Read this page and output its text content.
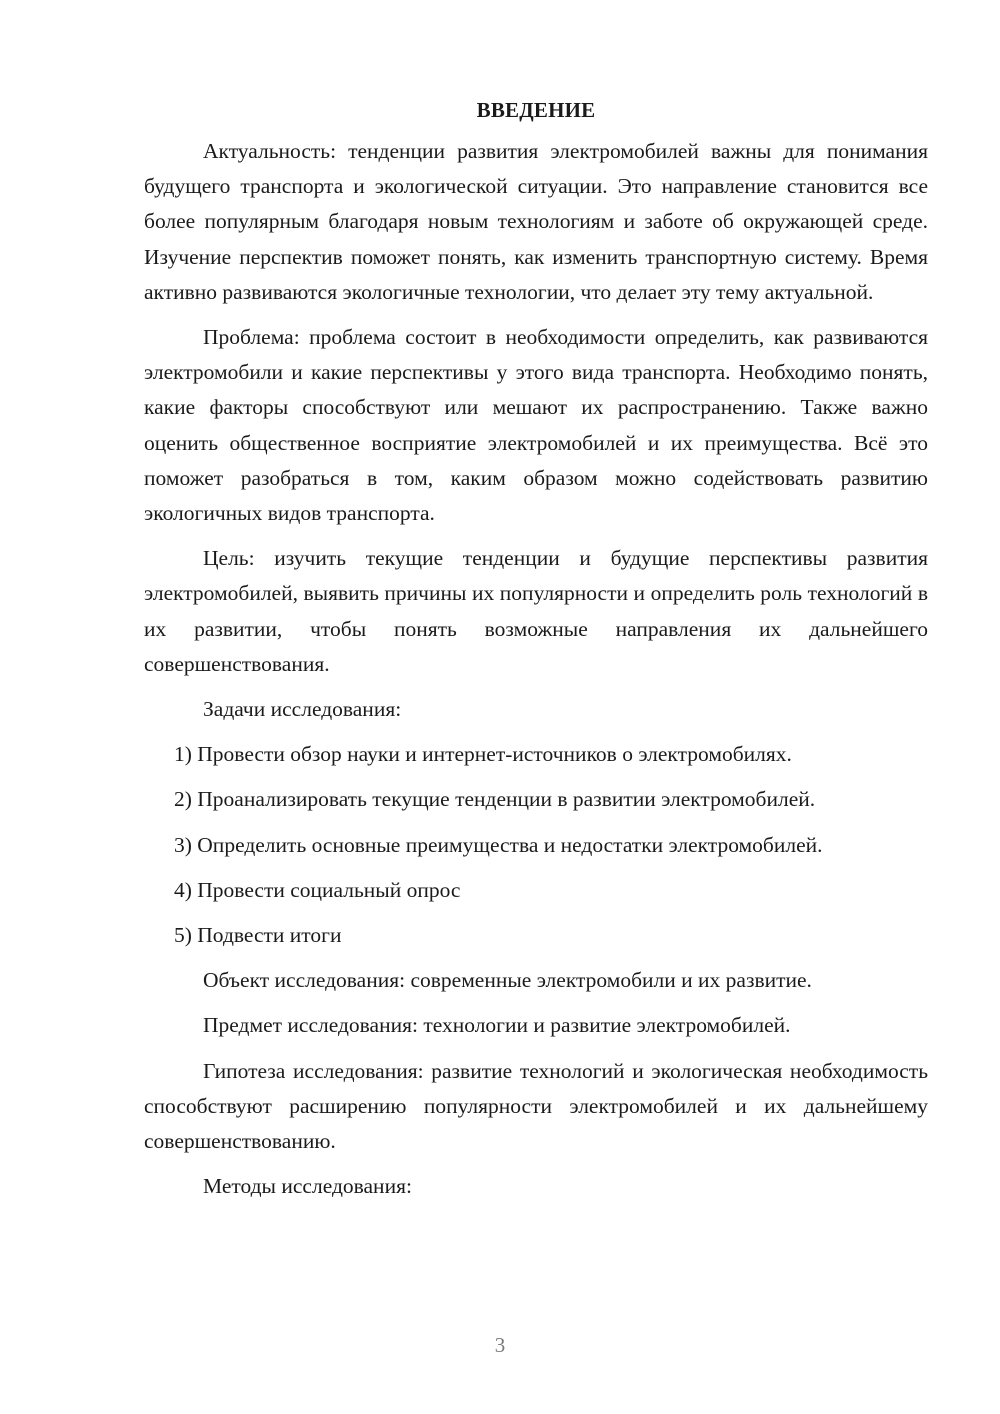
ВВЕДЕНИЕ

Актуальность: тенденции развития электромобилей важны для понимания будущего транспорта и экологической ситуации. Это направление становится все более популярным благодаря новым технологиям и заботе об окружающей среде. Изучение перспектив поможет понять, как изменить транспортную систему. Время активно развиваются экологичные технологии, что делает эту тему актуальной.

Проблема: проблема состоит в необходимости определить, как развиваются электромобили и какие перспективы у этого вида транспорта. Необходимо понять, какие факторы способствуют или мешают их распространению. Также важно оценить общественное восприятие электромобилей и их преимущества. Всё это поможет разобраться в том, каким образом можно содействовать развитию экологичных видов транспорта.

Цель: изучить текущие тенденции и будущие перспективы развития электромобилей, выявить причины их популярности и определить роль технологий в их развитии, чтобы понять возможные направления их дальнейшего совершенствования.

Задачи исследования:
1) Провести обзор науки и интернет-источников о электромобилях.
2) Проанализировать текущие тенденции в развитии электромобилей.
3) Определить основные преимущества и недостатки электромобилей.
4) Провести социальный опрос
5) Подвести итоги
Объект исследования: современные электромобили и их развитие.
Предмет исследования: технологии и развитие электромобилей.

Гипотеза исследования: развитие технологий и экологическая необходимость способствуют расширению популярности электромобилей и их дальнейшему совершенствованию.

Методы исследования:
3
